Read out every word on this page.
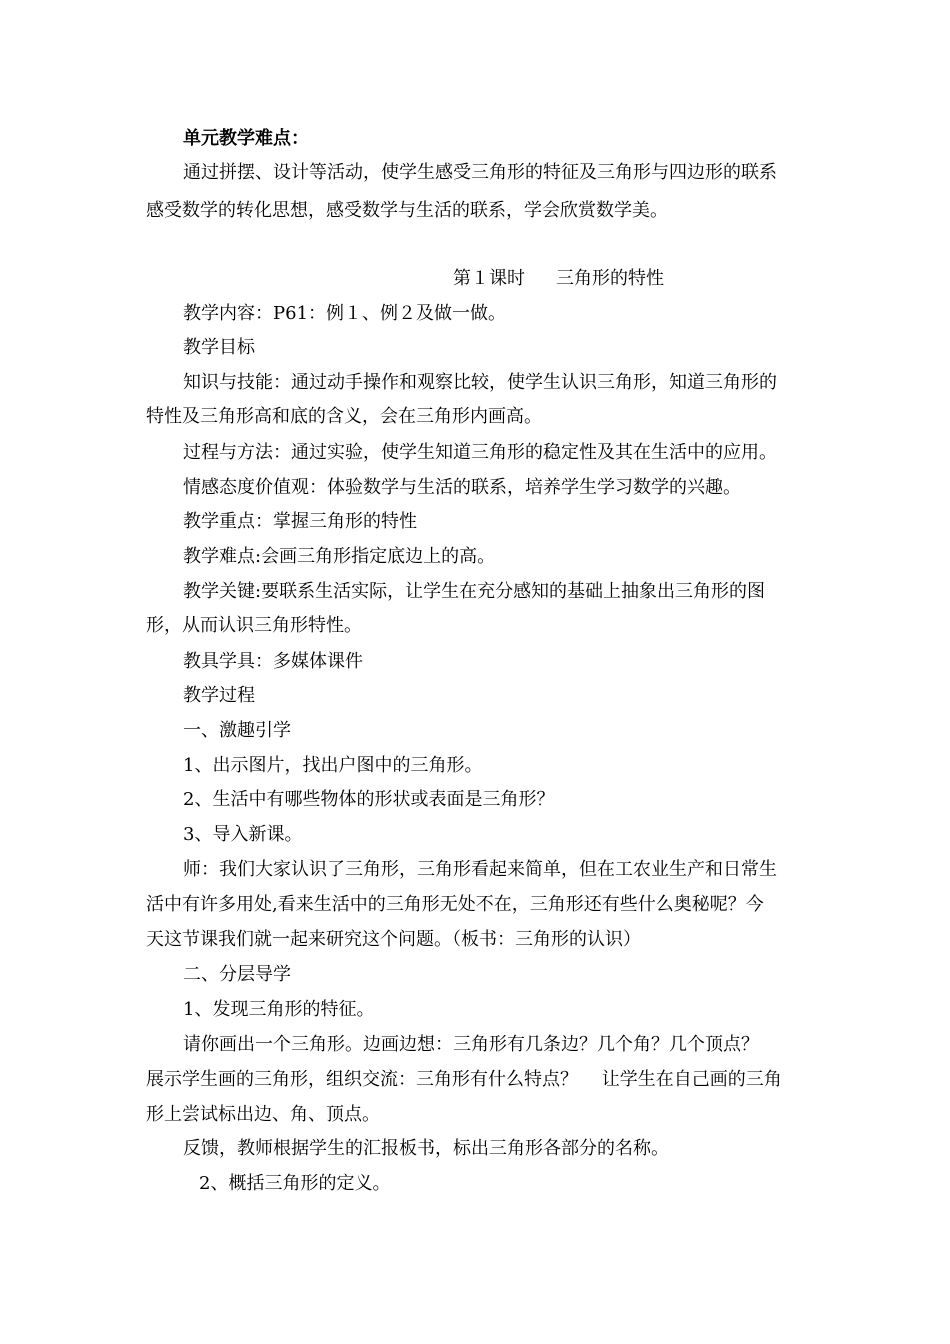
单元教学难点：
通过拼摆、设计等活动，使学生感受三角形的特征及三角形与四边形的联系
感受数学的转化思想，感受数学与生活的联系，学会欣赏数学美。
第１课时 三角形的特性
教学内容：P61：例１、例２及做一做。
教学目标
知识与技能：通过动手操作和观察比较，使学生认识三角形，知道三角形的
特性及三角形高和底的含义，会在三角形内画高。
过程与方法：通过实验，使学生知道三角形的稳定性及其在生活中的应用。
情感态度价值观：体验数学与生活的联系，培养学生学习数学的兴趣。
教学重点：掌握三角形的特性
教学难点:会画三角形指定底边上的高。
教学关键:要联系生活实际，让学生在充分感知的基础上抽象出三角形的图
形，从而认识三角形特性。
教具学具：多媒体课件
教学过程
一、激趣引学
1、出示图片，找出户图中的三角形。
2、生活中有哪些物体的形状或表面是三角形？
3、导入新课。
师：我们大家认识了三角形，三角形看起来简单，但在工农业生产和日常生
活中有许多用处,看来生活中的三角形无处不在，三角形还有些什么奥秘呢？今
天这节课我们就一起来研究这个问题。（板书：三角形的认识）
二、分层导学
1、发现三角形的特征。
请你画出一个三角形。边画边想：三角形有几条边？几个角？几个顶点？
展示学生画的三角形，组织交流：三角形有什么特点？　 让学生在自己画的三角
形上尝试标出边、角、顶点。
反馈，教师根据学生的汇报板书，标出三角形各部分的名称。
2、概括三角形的定义。
